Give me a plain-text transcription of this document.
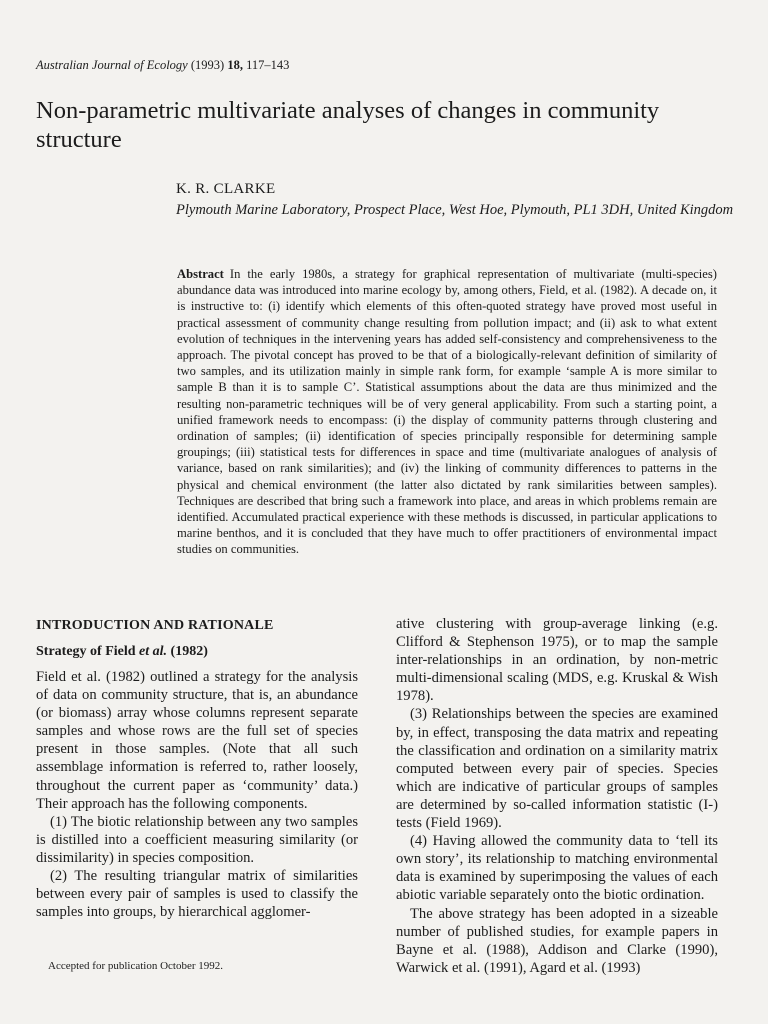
Australian Journal of Ecology (1993) 18, 117–143
Non-parametric multivariate analyses of changes in community structure
K. R. CLARKE
Plymouth Marine Laboratory, Prospect Place, West Hoe, Plymouth, PL1 3DH, United Kingdom
Abstract In the early 1980s, a strategy for graphical representation of multivariate (multi-species) abundance data was introduced into marine ecology by, among others, Field, et al. (1982). A decade on, it is instructive to: (i) identify which elements of this often-quoted strategy have proved most useful in practical assessment of community change resulting from pollution impact; and (ii) ask to what extent evolution of techniques in the intervening years has added self-consistency and comprehensiveness to the approach. The pivotal concept has proved to be that of a biologically-relevant definition of similarity of two samples, and its utilization mainly in simple rank form, for example ‘sample A is more similar to sample B than it is to sample C’. Statistical assumptions about the data are thus minimized and the resulting non-parametric techniques will be of very general applicability. From such a starting point, a unified framework needs to encompass: (i) the display of community patterns through clustering and ordination of samples; (ii) identification of species principally responsible for determining sample groupings; (iii) statistical tests for differences in space and time (multivariate analogues of analysis of variance, based on rank similarities); and (iv) the linking of community differences to patterns in the physical and chemical environment (the latter also dictated by rank similarities between samples). Techniques are described that bring such a framework into place, and areas in which problems remain are identified. Accumulated practical experience with these methods is discussed, in particular applications to marine benthos, and it is concluded that they have much to offer practitioners of environmental impact studies on communities.
INTRODUCTION AND RATIONALE
Strategy of Field et al. (1982)

Field et al. (1982) outlined a strategy for the analysis of data on community structure, that is, an abundance (or biomass) array whose columns represent separate samples and whose rows are the full set of species present in those samples. (Note that all such assemblage information is referred to, rather loosely, throughout the current paper as ‘community’ data.) Their approach has the following components.

(1) The biotic relationship between any two samples is distilled into a coefficient measuring similarity (or dissimilarity) in species composition.

(2) The resulting triangular matrix of similarities between every pair of samples is used to classify the samples into groups, by hierarchical agglomer-

ative clustering with group-average linking (e.g. Clifford & Stephenson 1975), or to map the sample inter-relationships in an ordination, by non-metric multi-dimensional scaling (MDS, e.g. Kruskal & Wish 1978).

(3) Relationships between the species are examined by, in effect, transposing the data matrix and repeating the classification and ordination on a similarity matrix computed between every pair of species. Species which are indicative of particular groups of samples are determined by so-called information statistic (I-) tests (Field 1969).

(4) Having allowed the community data to ‘tell its own story’, its relationship to matching environmental data is examined by superimposing the values of each abiotic variable separately onto the biotic ordination.

The above strategy has been adopted in a sizeable number of published studies, for example papers in Bayne et al. (1988), Addison and Clarke (1990), Warwick et al. (1991), Agard et al. (1993)

Accepted for publication October 1992.
